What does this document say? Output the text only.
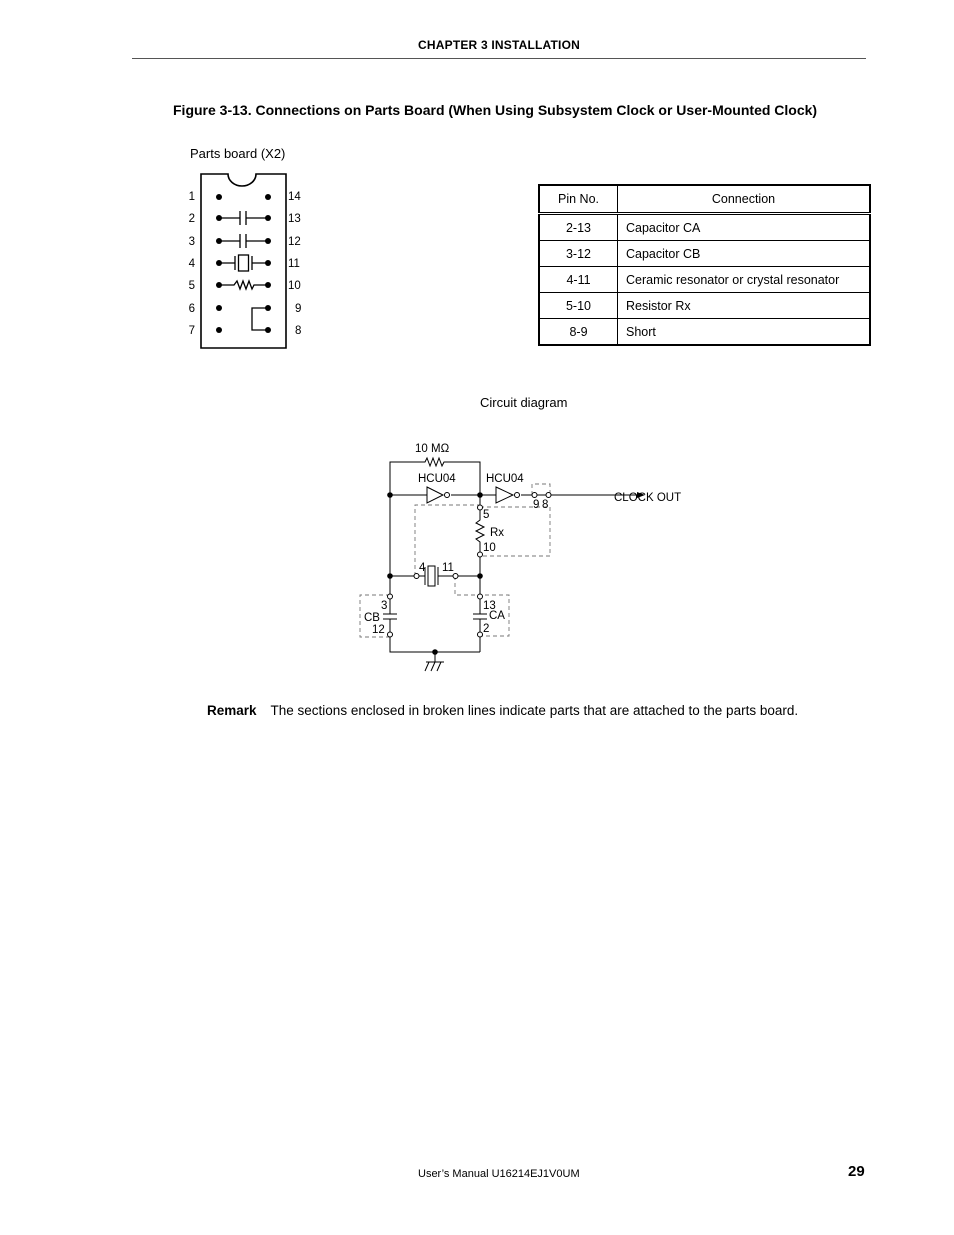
CHAPTER 3 INSTALLATION
Figure 3-13. Connections on Parts Board (When Using Subsystem Clock or User-Mounted Clock)
Parts board (X2)
1
2
3
4
5
6
7
14
13
12
11
10
9
8
Pin No.	Connection
2-13	Capacitor CA
3-12	Capacitor CB
4-11	Ceramic resonator or crystal resonator
5-10	Resistor Rx
8-9	Short
Circuit diagram
10 MΩ
HCU04	HCU04
CLOCK OUT
9 8
5
Rx
10
4 11
3
CB
12
13
CA
2
Remark The sections enclosed in broken lines indicate parts that are attached to the parts board.
User’s Manual U16214EJ1V0UM	29
